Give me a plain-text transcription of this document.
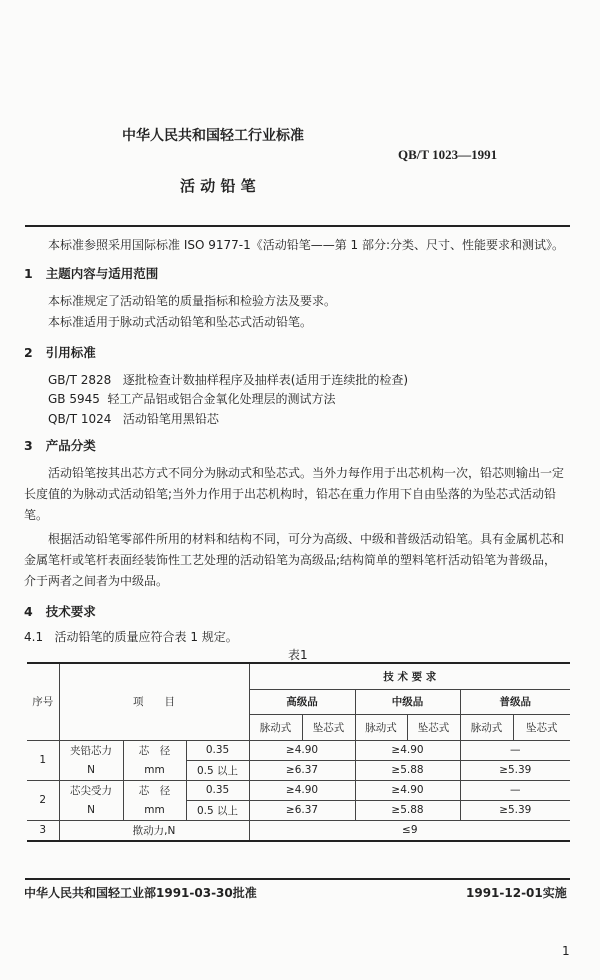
中华人民共和国轻工行业标准
QB/T 1023—1991
活 动 铅 笔
本标准参照采用国际标准 ISO 9177-1《活动铅笔——第 1 部分:分类、尺寸、性能要求和测试》。
1 主题内容与适用范围
本标准规定了活动铅笔的质量指标和检验方法及要求。
本标准适用于脉动式活动铅笔和坠芯式活动铅笔。
2 引用标准
GB/T 2828 逐批检查计数抽样程序及抽样表(适用于连续批的检查)
GB 5945 轻工产品铝或铝合金氧化处理层的测试方法
QB/T 1024 活动铅笔用黑铅芯
3 产品分类
活动铅笔按其出芯方式不同分为脉动式和坠芯式。当外力每作用于出芯机构一次，铅芯则输出一定
长度值的为脉动式活动铅笔;当外力作用于出芯机构时，铅芯在重力作用下自由坠落的为坠芯式活动铅
笔。
根据活动铅笔零部件所用的材料和结构不同，可分为高级、中级和普级活动铅笔。具有金属机芯和
金属笔杆或笔杆表面经装饰性工艺处理的活动铅笔为高级品;结构简单的塑料笔杆活动铅笔为普级品，
介于两者之间者为中级品。
4 技术要求
4.1 活动铅笔的质量应符合表 1 规定。
表1
序号	项　　目			技 术 要 求					
				高级品		中级品		普级品	
				脉动式	坠芯式	脉动式	坠芯式	脉动式	坠芯式
1	夹铅芯力	芯　径	0.35	≥4.90		≥4.90		—	
	N	mm	0.5 以上	≥6.37		≥5.88		≥5.39	
2	芯尖受力	芯　径	0.35	≥4.90		≥4.90		—	
	N	mm	0.5 以上	≥6.37		≥5.88		≥5.39	
3	揿动力,N			≤9					
中华人民共和国轻工业部1991-03-30批准	1991-12-01实施
1
